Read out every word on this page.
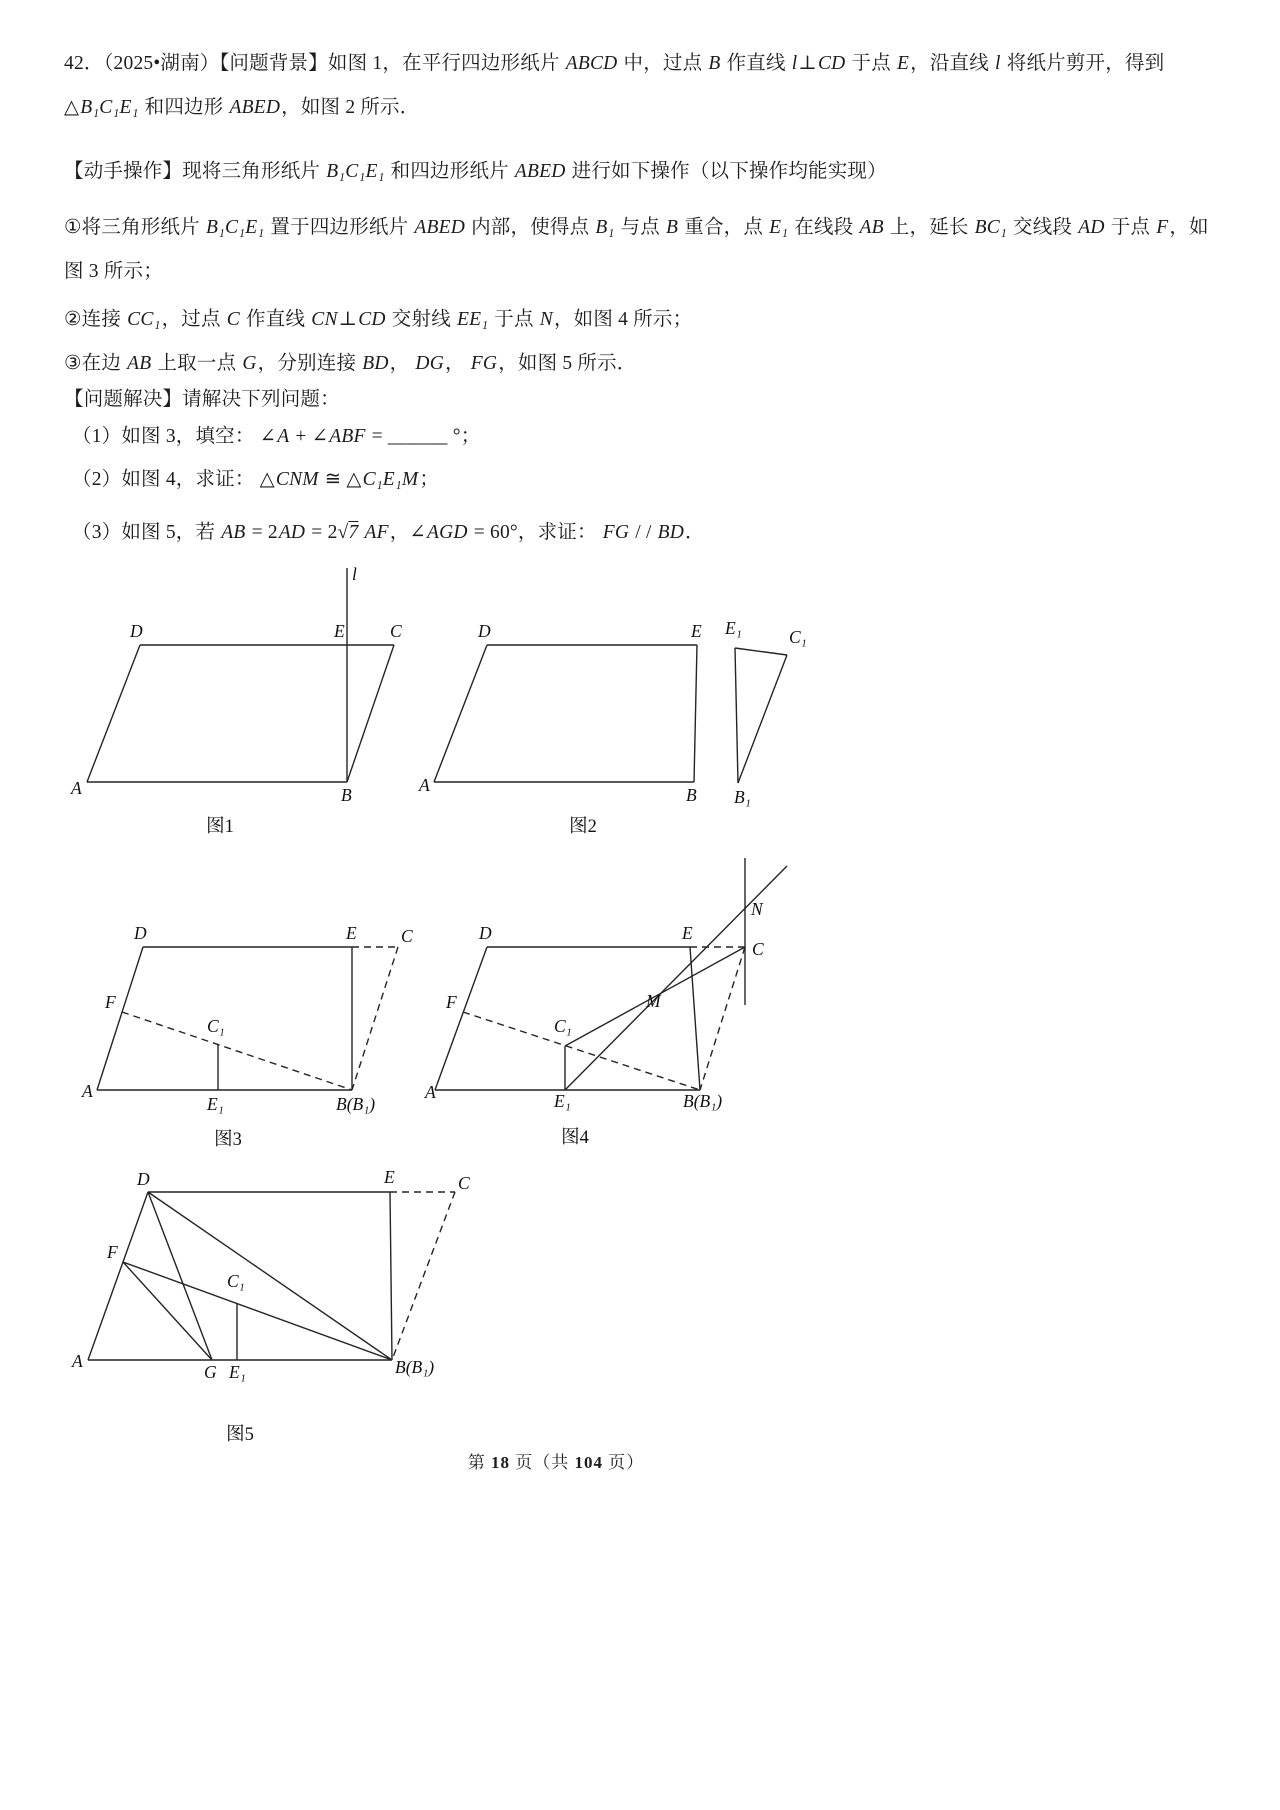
42．（2025•湖南）【问题背景】如图 1，在平行四边形纸片 ABCD 中，过点 B 作直线 l⊥CD 于点 E，沿直线 l 将纸片剪开，得到△B₁C₁E₁ 和四边形 ABED，如图 2 所示．

【动手操作】现将三角形纸片 B₁C₁E₁ 和四边形纸片 ABED 进行如下操作（以下操作均能实现）

①将三角形纸片 B₁C₁E₁ 置于四边形纸片 ABED 内部，使得点 B₁ 与点 B 重合，点 E₁ 在线段 AB 上，延长 BC₁ 交线段 AD 于点 F，如图 3 所示；

②连接 CC₁，过点 C 作直线 CN⊥CD 交射线 EE₁ 于点 N，如图 4 所示；

③在边 AB 上取一点 G，分别连接 BD， DG， FG，如图 5 所示．

【问题解决】请解决下列问题：

（1）如图 3，填空： ∠A + ∠ABF = ______ °；

（2）如图 4，求证： △CNM ≅ △C₁E₁M；

（3）如图 5，若 AB = 2AD = 2√7 AF，∠AGD = 60°，求证： FG / / BD．

l
D	E	C
A	B
图1
D	E E₁	C₁
A	B B₁
图2
D	E	C
F
C₁
A
E₁	B(B₁)
图3
D	E
N
C
M
F
C₁
A	E₁	B(B₁)
图4
D	E	C
F
C₁
A
G E₁	B(B₁)
图5
第 18 页（共 104 页）
